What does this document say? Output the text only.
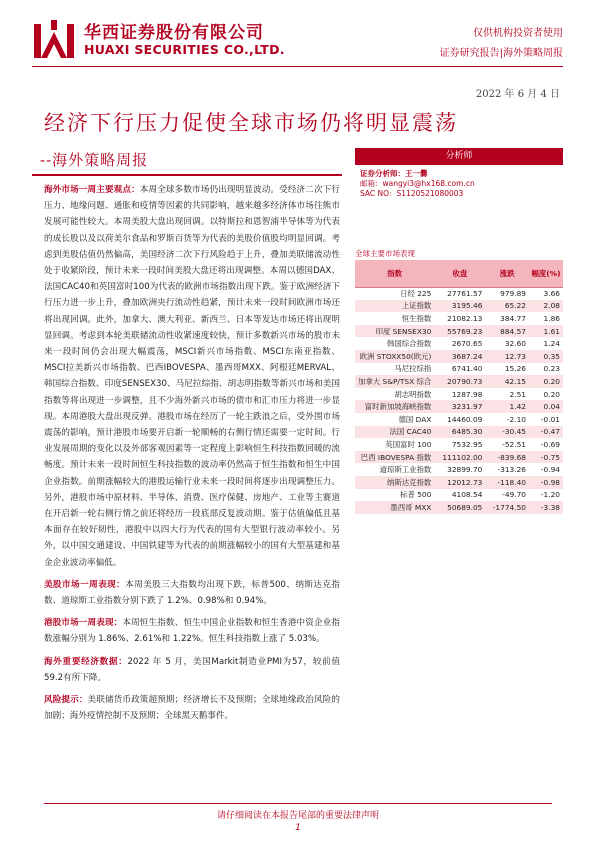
华西证券股份有限公司
HUAXI SECURITIES CO.,LTD.
仅供机构投资者使用
证券研究报告|海外策略周报
2022 年 6 月 4 日
经济下行压力促使全球市场仍将明显震荡
--海外策略周报

海外市场一周主要观点：本周全球多数市场仍出现明显波动。受经济二次下行压力、地缘问题、通胀和疫情等因素的共同影响，越来越多经济体市场往熊市发展可能性较大。本周美股大盘出现回调。以特斯拉和恩智浦半导体等为代表的成长股以及以荷美尔食品和罗斯百货等为代表的美股价值股均明显回调。考虑到美股估值仍然偏高，美国经济二次下行风险趋于上升，叠加美联储流动性处于收紧阶段，预计未来一段时间美股大盘还将出现调整。本周以德国DAX、法国CAC40和英国富时100为代表的欧洲市场指数出现下跌。鉴于欧洲经济下行压力进一步上升，叠加欧洲央行流动性趋紧，预计未来一段时间欧洲市场还将出现回调。此外，加拿大、澳大利亚、新西兰、日本等发达市场还将出现明显回调。考虑到本轮美联储流动性收紧速度较快，预计多数新兴市场的股市未来一段时间仍会出现大幅震荡，MSCI新兴市场指数、MSCI东南亚指数、MSCI拉美新兴市场指数、巴西IBOVESPA、墨西哥MXX、阿根廷MERVAL、韩国综合指数、印度SENSEX30、马尼拉综指、胡志明指数等新兴市场和美国指数等将出现进一步调整，且不少海外新兴市场的债市和汇市压力将进一步显现。本周港股大盘出现反弹。港股市场在经历了一轮主跌浪之后，受外围市场震荡的影响，预计港股市场要开启新一轮顺畅的右侧行情还需要一定时间。行业发展周期的变化以及外部客观因素等一定程度上影响恒生科技指数回暖的流畅度。预计未来一段时间恒生科技指数的波动率仍然高于恒生指数和恒生中国企业指数。前期涨幅较大的港股运输行业未来一段时间将逐步出现调整压力。另外，港股市场中原材料、半导体、消费、医疗保健、房地产、工业等主赛道在开启新一轮右侧行情之前还将经历一段底部反复波动期。鉴于估值偏低且基本面存在较好韧性，港股中以四大行为代表的国有大型银行波动率较小。另外，以中国交通建设、中国铁建等为代表的前期涨幅较小的国有大型基建和基金企业波动率偏低。

美股市场一周表现：本周美股三大指数均出现下跌，标普500、纳斯达克指数、道琼斯工业指数分别下跌了 1.2%、0.98%和 0.94%。

港股市场一周表现：本周恒生指数、恒生中国企业指数和恒生香港中资企业指数涨幅分别为 1.86%、2.61%和 1.22%。恒生科技指数上涨了 5.03%。

海外重要经济数据：2022 年 5 月，美国Markit制造业PMI为57，较前值59.2有所下降。

风险提示：美联储货币政策超预期；经济增长不及预期；全球地缘政治风险的加剧；海外疫情控制不及预期；全球黑天鹅事件。

分析师
证券分析师：王一爨
邮箱：wangyi3@hx168.com.cn
SAC NO：S1120521080003
全球主要市场表现
指数	收盘	涨跌	幅度(%)
日经 225	27761.57	979.89	3.66
上证指数	3195.46	65.22	2.08
恒生指数	21082.13	384.77	1.86
印度 SENSEX30	55769.23	884.57	1.61
韩国综合指数	2670.65	32.60	1.24
欧洲 STOXX50(欧元)	3687.24	12.73	0.35
马尼拉综指	6741.40	15.26	0.23
加拿大 S&P/TSX 综合	20790.73	42.15	0.20
胡志明指数	1287.98	2.51	0.20
富时新加坡海峡指数	3231.97	1.42	0.04
德国 DAX	14460.09	-2.10	-0.01
法国 CAC40	6485.30	-30.45	-0.47
英国富时 100	7532.95	-52.51	-0.69
巴西 IBOVESPA 指数	111102.00	-839.68	-0.75
道琼斯工业指数	32899.70	-313.26	-0.94
纳斯达克指数	12012.73	-118.40	-0.98
标普 500	4108.54	-49.70	-1.20
墨西哥 MXX	50689.05	-1774.50	-3.38
请仔细阅读在本报告尾部的重要法律声明
1
